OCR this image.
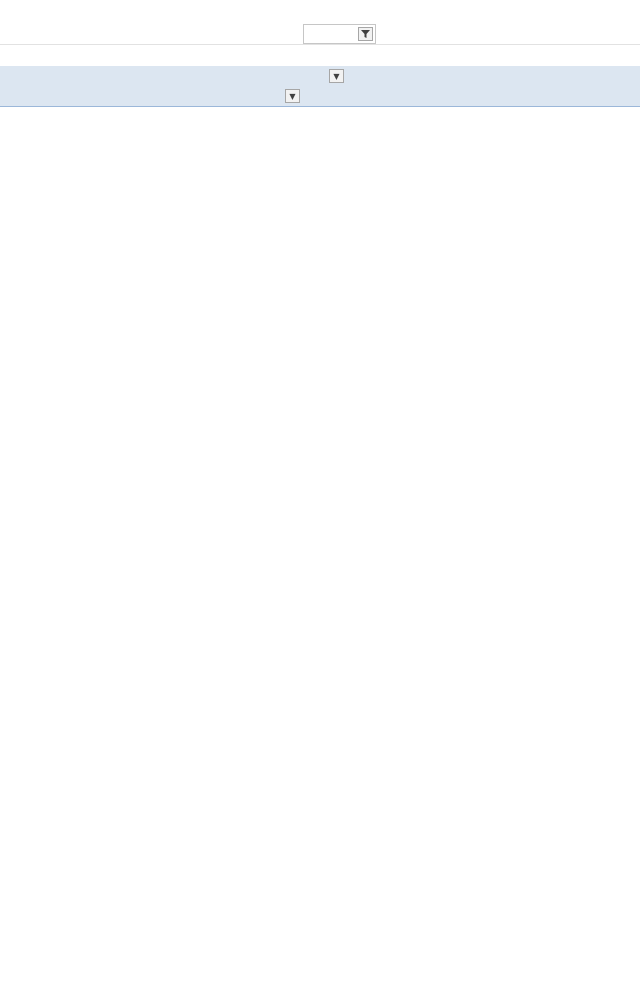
▼
▼
